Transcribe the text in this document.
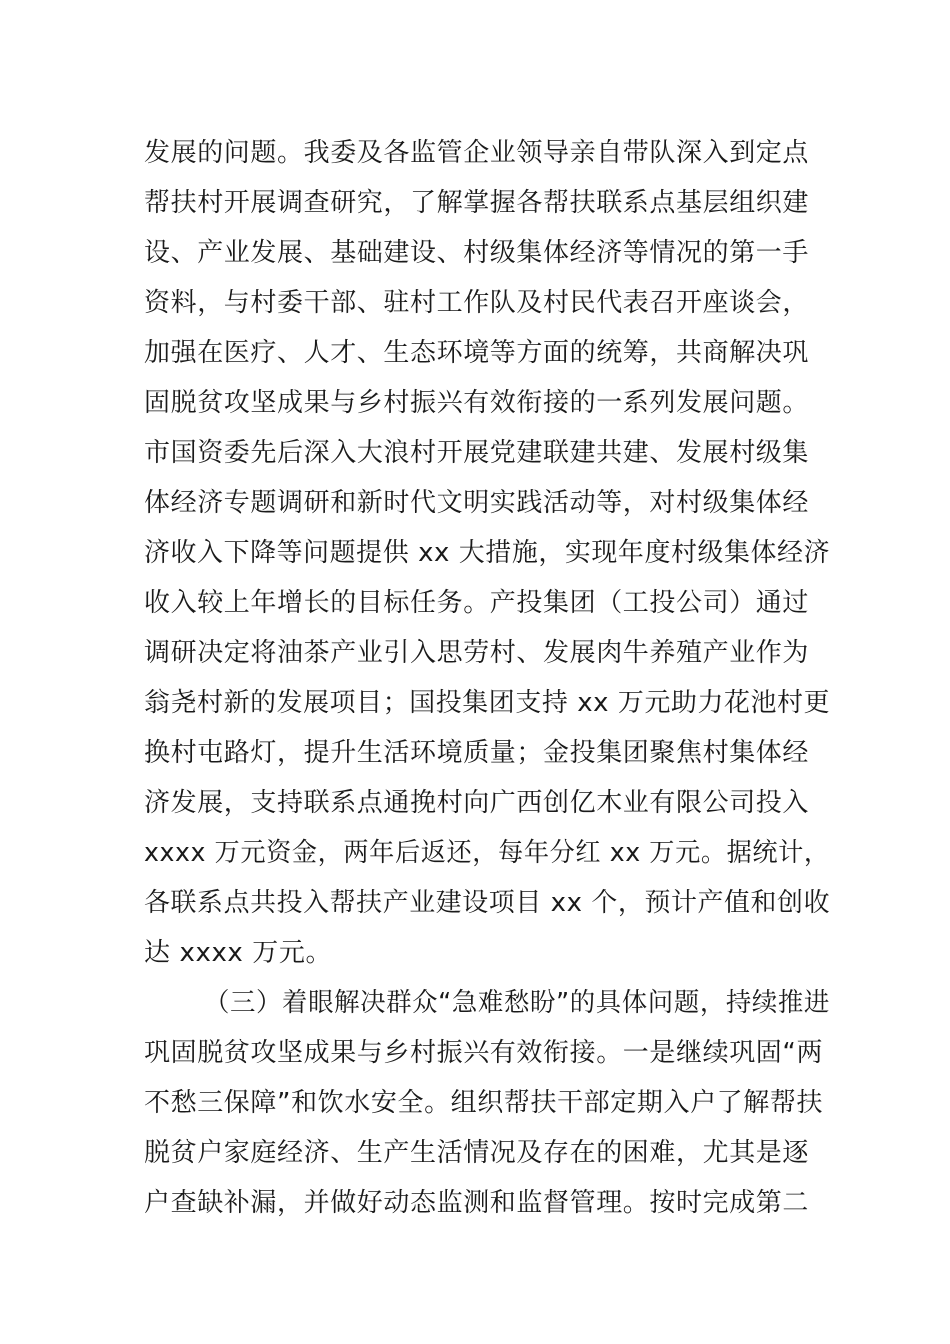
发展的问题。我委及各监管企业领导亲自带队深入到定点
帮扶村开展调查研究，了解掌握各帮扶联系点基层组织建
设、产业发展、基础建设、村级集体经济等情况的第一手
资料，与村委干部、驻村工作队及村民代表召开座谈会，
加强在医疗、人才、生态环境等方面的统筹，共商解决巩
固脱贫攻坚成果与乡村振兴有效衔接的一系列发展问题。
市国资委先后深入大浪村开展党建联建共建、发展村级集
体经济专题调研和新时代文明实践活动等，对村级集体经
济收入下降等问题提供 xx 大措施，实现年度村级集体经济
收入较上年增长的目标任务。产投集团（工投公司）通过
调研决定将油茶产业引入思劳村、发展肉牛养殖产业作为
翁尧村新的发展项目；国投集团支持 xx 万元助力花池村更
换村屯路灯，提升生活环境质量；金投集团聚焦村集体经
济发展，支持联系点通挽村向广西创亿木业有限公司投入
xxxx 万元资金，两年后返还，每年分红 xx 万元。据统计，
各联系点共投入帮扶产业建设项目 xx 个，预计产值和创收
达 xxxx 万元。
（三）着眼解决群众“急难愁盼”的具体问题，持续推进
巩固脱贫攻坚成果与乡村振兴有效衔接。一是继续巩固“两
不愁三保障”和饮水安全。组织帮扶干部定期入户了解帮扶
脱贫户家庭经济、生产生活情况及存在的困难，尤其是逐
户查缺补漏，并做好动态监测和监督管理。按时完成第二
